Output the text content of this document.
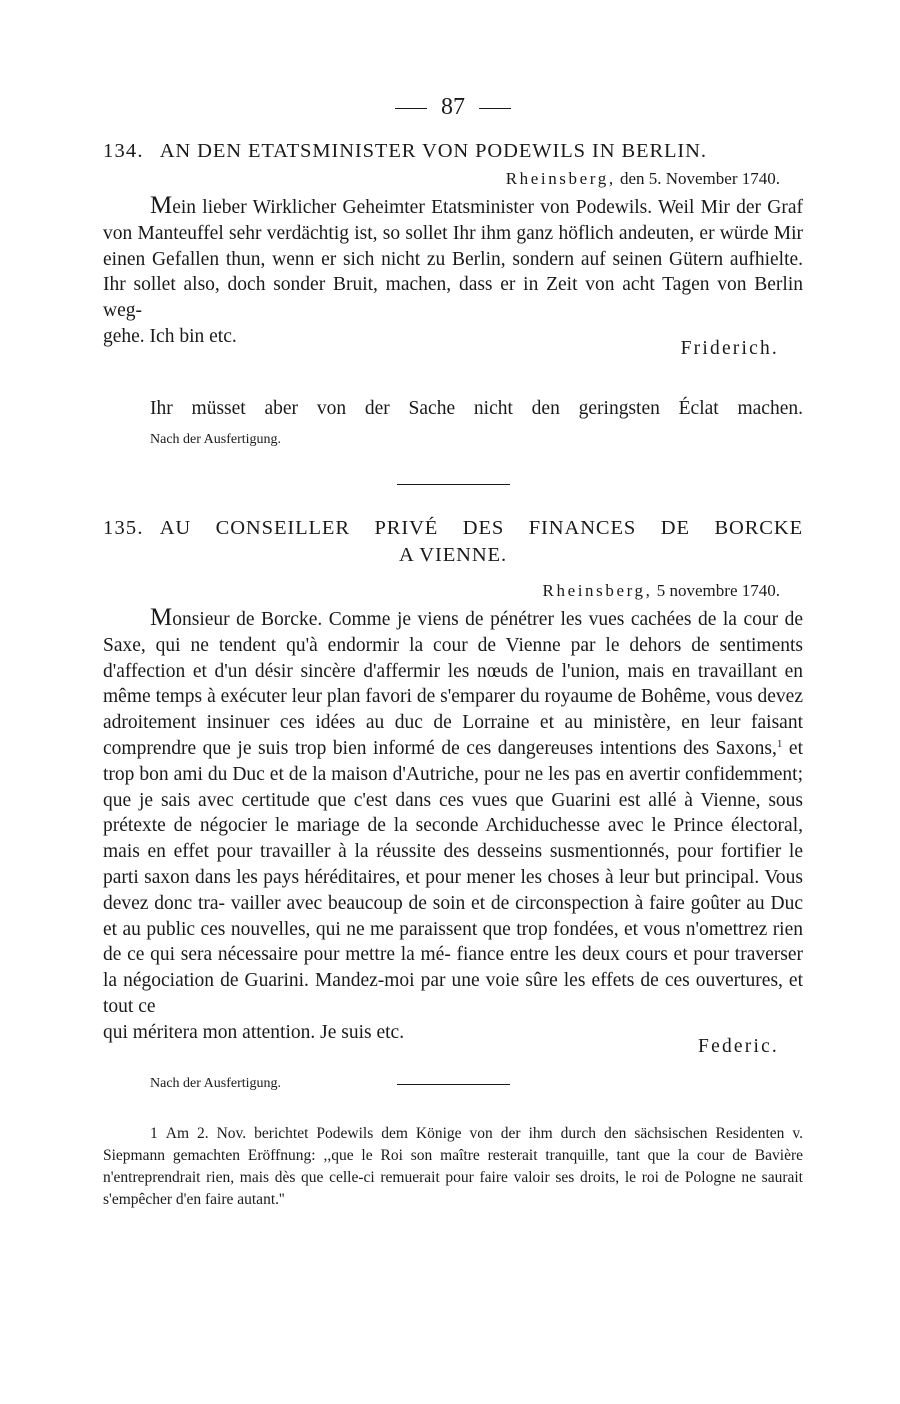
87
134. AN DEN ETATSMINISTER VON PODEWILS IN BERLIN.
Rheinsberg, den 5. November 1740.

Mein lieber Wirklicher Geheimter Etatsminister von Podewils. Weil Mir der Graf von Manteuffel sehr verdächtig ist, so sollet Ihr ihm ganz höflich andeuten, er würde Mir einen Gefallen thun, wenn er sich nicht zu Berlin, sondern auf seinen Gütern aufhielte. Ihr sollet also, doch sonder Bruit, machen, dass er in Zeit von acht Tagen von Berlin weg-

gehe. Ich bin etc.
Friderich.
Ihr müsset aber von der Sache nicht den geringsten Éclat machen.
Nach der Ausfertigung.
135. AU CONSEILLER PRIVÉ DES FINANCES DE BORCKE
A VIENNE.
Rheinsberg, 5 novembre 1740.

Monsieur de Borcke. Comme je viens de pénétrer les vues cachées de la cour de Saxe, qui ne tendent qu'à endormir la cour de Vienne par le dehors de sentiments d'affection et d'un désir sincère d'affermir les nœuds de l'union, mais en travaillant en même temps à exécuter leur plan favori de s'emparer du royaume de Bohême, vous devez adroitement insinuer ces idées au duc de Lorraine et au ministère, en leur faisant comprendre que je suis trop bien informé de ces dangereuses intentions des Saxons,$^1$ et trop bon ami du Duc et de la maison d'Autriche, pour ne les pas en avertir confidemment; que je sais avec certitude que c'est dans ces vues que Guarini est allé à Vienne, sous prétexte de négocier le mariage de la seconde Archiduchesse avec le Prince électoral, mais en effet pour travailler à la réussite des desseins susmentionnés, pour fortifier le parti saxon dans les pays héréditaires, et pour mener les choses à leur but principal. Vous devez donc tra- vailler avec beaucoup de soin et de circonspection à faire goûter au Duc et au public ces nouvelles, qui ne me paraissent que trop fondées, et vous n'omettrez rien de ce qui sera nécessaire pour mettre la mé- fiance entre les deux cours et pour traverser la négociation de Guarini. Mandez-moi par une voie sûre les effets de ces ouvertures, et tout ce

qui méritera mon attention. Je suis etc.
Federic.
Nach der Ausfertigung.
1 Am 2. Nov. berichtet Podewils dem Könige von der ihm durch den sächsischen Residenten v. Siepmann gemachten Eröffnung: ,,que le Roi son maître resterait tranquille, tant que la cour de Bavière n'entreprendrait rien, mais dès que celle-ci remuerait pour faire valoir ses droits, le roi de Pologne ne saurait s'empêcher d'en faire autant.''
